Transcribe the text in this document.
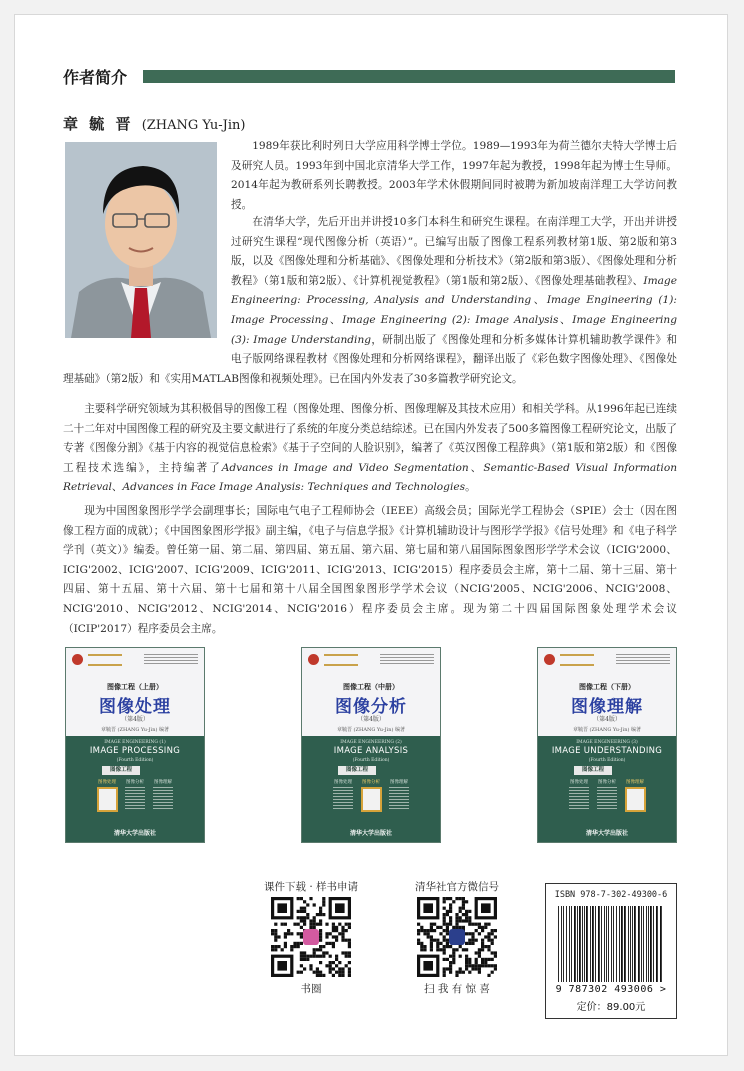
作者简介
章 毓 晋 (ZHANG Yu-Jin)

1989年获比利时列日大学应用科学博士学位。1989—1993年为荷兰德尔夫特大学博士后及研究人员。1993年到中国北京清华大学工作，1997年起为教授，1998年起为博士生导师。2014年起为教研系列长聘教授。2003年学术休假期间同时被聘为新加坡南洋理工大学访问教授。

在清华大学，先后开出并讲授10多门本科生和研究生课程。在南洋理工大学，开出并讲授过研究生课程“现代图像分析（英语）”。已编写出版了图像工程系列教材第1版、第2版和第3版，以及《图像处理和分析基础》、《图像处理和分析技术》（第2版和第3版）、《图像处理和分析教程》（第1版和第2版）、《计算机视觉教程》（第1版和第2版）、《图像处理基础教程》、Image Engineering: Processing, Analysis and Understanding、Image Engineering (1): Image Processing、Image Engineering (2): Image Analysis、Image Engineering (3): Image Understanding，研制出版了《图像处理和分析多媒体计算机辅助教学课件》和电子版网络课程教材《图像处理和分析网络课程》，翻译出版了《彩色数字图像处理》、《图像处理基础》（第2版）和《实用MATLAB图像和视频处理》。已在国内外发表了30多篇教学研究论文。

主要科学研究领域为其积极倡导的图像工程（图像处理、图像分析、图像理解及其技术应用）和相关学科。从1996年起已连续二十二年对中国图像工程的研究及主要文献进行了系统的年度分类总结综述。已在国内外发表了500多篇图像工程研究论文，出版了专著《图像分割》《基于内容的视觉信息检索》《基于子空间的人脸识别》，编著了《英汉图像工程辞典》（第1版和第2版）和《图像工程技术选编》，主持编著了Advances in Image and Video Segmentation、Semantic-Based Visual Information Retrieval、Advances in Face Image Analysis: Techniques and Technologies。

现为中国图象图形学学会副理事长；国际电气电子工程师协会（IEEE）高级会员；国际光学工程协会（SPIE）会士（因在图像工程方面的成就）；《中国图象图形学报》副主编，《电子与信息学报》《计算机辅助设计与图形学学报》《信号处理》和《电子科学学刊（英文）》编委。曾任第一届、第二届、第四届、第五届、第六届、第七届和第八届国际图象图形学学术会议（ICIG'2000、ICIG'2002、ICIG'2007、ICIG'2009、ICIG'2011、ICIG'2013、ICIG'2015）程序委员会主席，第十二届、第十三届、第十四届、第十五届、第十六届、第十七届和第十八届全国图象图形学学术会议（NCIG'2005、NCIG'2006、NCIG'2008、NCIG'2010、NCIG'2012、NCIG'2014、NCIG'2016）程序委员会主席。现为第二十四届国际图象处理学术会议（ICIP'2017）程序委员会主席。

图像工程（上册）
图像处理
（第4版）
章毓晋 (ZHANG Yu-Jin) 编著
IMAGE ENGINEERING (1)
IMAGE PROCESSING
(Fourth Edition)
图像工程
图像处理	图像分析	图像理解
清华大学出版社
图像工程（中册）
图像分析
（第4版）
章毓晋 (ZHANG Yu-Jin) 编著
IMAGE ENGINEERING (2)
IMAGE ANALYSIS
(Fourth Edition)
图像工程
图像处理	图像分析	图像理解
清华大学出版社
图像工程（下册）
图像理解
（第4版）
章毓晋 (ZHANG Yu-Jin) 编著
IMAGE ENGINEERING (3)
IMAGE UNDERSTANDING
(Fourth Edition)
图像工程
图像处理	图像分析	图像理解
清华大学出版社
课件下载 · 样书申请
书圈
清华社官方微信号
扫 我 有 惊 喜
ISBN 978-7-302-49300-6
9 787302 493006 >
定价：89.00元
